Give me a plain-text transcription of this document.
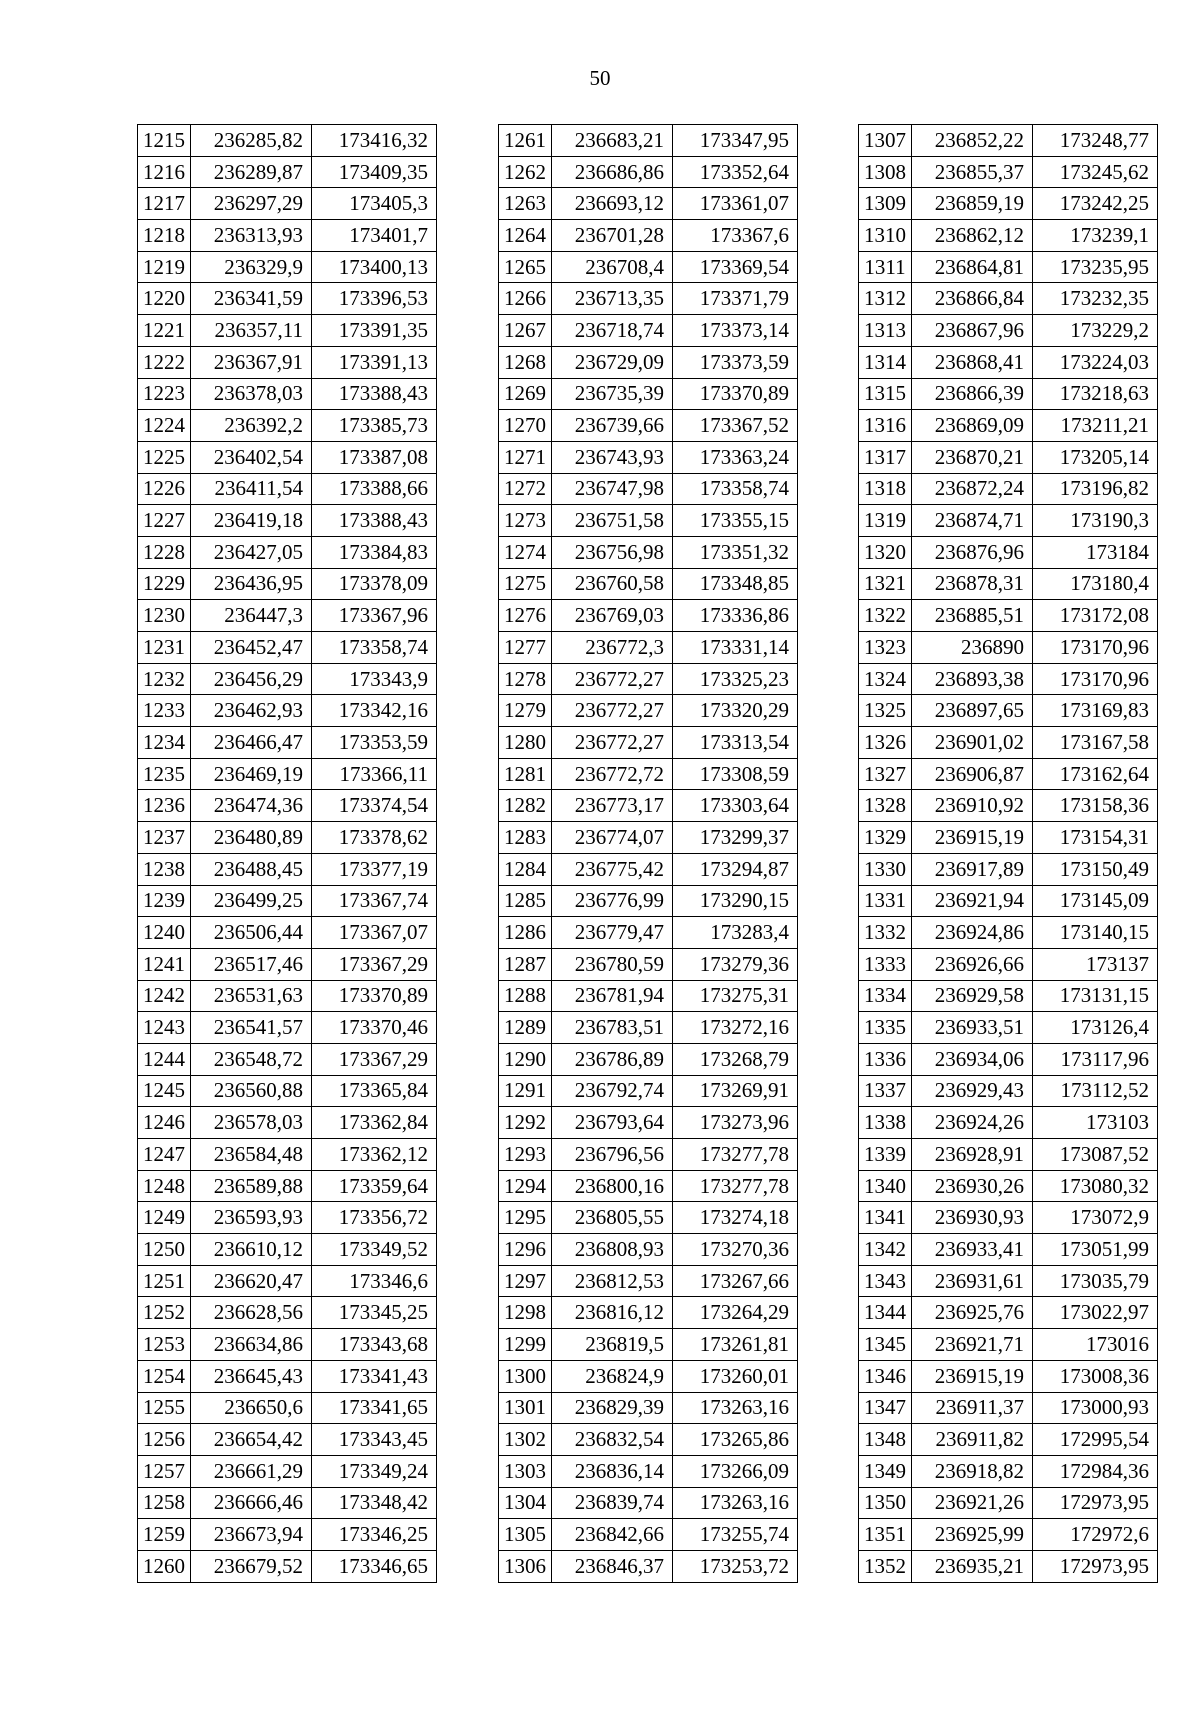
50
1215	236285,82	173416,32
1216	236289,87	173409,35
1217	236297,29	173405,3
1218	236313,93	173401,7
1219	236329,9	173400,13
1220	236341,59	173396,53
1221	236357,11	173391,35
1222	236367,91	173391,13
1223	236378,03	173388,43
1224	236392,2	173385,73
1225	236402,54	173387,08
1226	236411,54	173388,66
1227	236419,18	173388,43
1228	236427,05	173384,83
1229	236436,95	173378,09
1230	236447,3	173367,96
1231	236452,47	173358,74
1232	236456,29	173343,9
1233	236462,93	173342,16
1234	236466,47	173353,59
1235	236469,19	173366,11
1236	236474,36	173374,54
1237	236480,89	173378,62
1238	236488,45	173377,19
1239	236499,25	173367,74
1240	236506,44	173367,07
1241	236517,46	173367,29
1242	236531,63	173370,89
1243	236541,57	173370,46
1244	236548,72	173367,29
1245	236560,88	173365,84
1246	236578,03	173362,84
1247	236584,48	173362,12
1248	236589,88	173359,64
1249	236593,93	173356,72
1250	236610,12	173349,52
1251	236620,47	173346,6
1252	236628,56	173345,25
1253	236634,86	173343,68
1254	236645,43	173341,43
1255	236650,6	173341,65
1256	236654,42	173343,45
1257	236661,29	173349,24
1258	236666,46	173348,42
1259	236673,94	173346,25
1260	236679,52	173346,65
1261	236683,21	173347,95
1262	236686,86	173352,64
1263	236693,12	173361,07
1264	236701,28	173367,6
1265	236708,4	173369,54
1266	236713,35	173371,79
1267	236718,74	173373,14
1268	236729,09	173373,59
1269	236735,39	173370,89
1270	236739,66	173367,52
1271	236743,93	173363,24
1272	236747,98	173358,74
1273	236751,58	173355,15
1274	236756,98	173351,32
1275	236760,58	173348,85
1276	236769,03	173336,86
1277	236772,3	173331,14
1278	236772,27	173325,23
1279	236772,27	173320,29
1280	236772,27	173313,54
1281	236772,72	173308,59
1282	236773,17	173303,64
1283	236774,07	173299,37
1284	236775,42	173294,87
1285	236776,99	173290,15
1286	236779,47	173283,4
1287	236780,59	173279,36
1288	236781,94	173275,31
1289	236783,51	173272,16
1290	236786,89	173268,79
1291	236792,74	173269,91
1292	236793,64	173273,96
1293	236796,56	173277,78
1294	236800,16	173277,78
1295	236805,55	173274,18
1296	236808,93	173270,36
1297	236812,53	173267,66
1298	236816,12	173264,29
1299	236819,5	173261,81
1300	236824,9	173260,01
1301	236829,39	173263,16
1302	236832,54	173265,86
1303	236836,14	173266,09
1304	236839,74	173263,16
1305	236842,66	173255,74
1306	236846,37	173253,72
1307	236852,22	173248,77
1308	236855,37	173245,62
1309	236859,19	173242,25
1310	236862,12	173239,1
1311	236864,81	173235,95
1312	236866,84	173232,35
1313	236867,96	173229,2
1314	236868,41	173224,03
1315	236866,39	173218,63
1316	236869,09	173211,21
1317	236870,21	173205,14
1318	236872,24	173196,82
1319	236874,71	173190,3
1320	236876,96	173184
1321	236878,31	173180,4
1322	236885,51	173172,08
1323	236890	173170,96
1324	236893,38	173170,96
1325	236897,65	173169,83
1326	236901,02	173167,58
1327	236906,87	173162,64
1328	236910,92	173158,36
1329	236915,19	173154,31
1330	236917,89	173150,49
1331	236921,94	173145,09
1332	236924,86	173140,15
1333	236926,66	173137
1334	236929,58	173131,15
1335	236933,51	173126,4
1336	236934,06	173117,96
1337	236929,43	173112,52
1338	236924,26	173103
1339	236928,91	173087,52
1340	236930,26	173080,32
1341	236930,93	173072,9
1342	236933,41	173051,99
1343	236931,61	173035,79
1344	236925,76	173022,97
1345	236921,71	173016
1346	236915,19	173008,36
1347	236911,37	173000,93
1348	236911,82	172995,54
1349	236918,82	172984,36
1350	236921,26	172973,95
1351	236925,99	172972,6
1352	236935,21	172973,95
